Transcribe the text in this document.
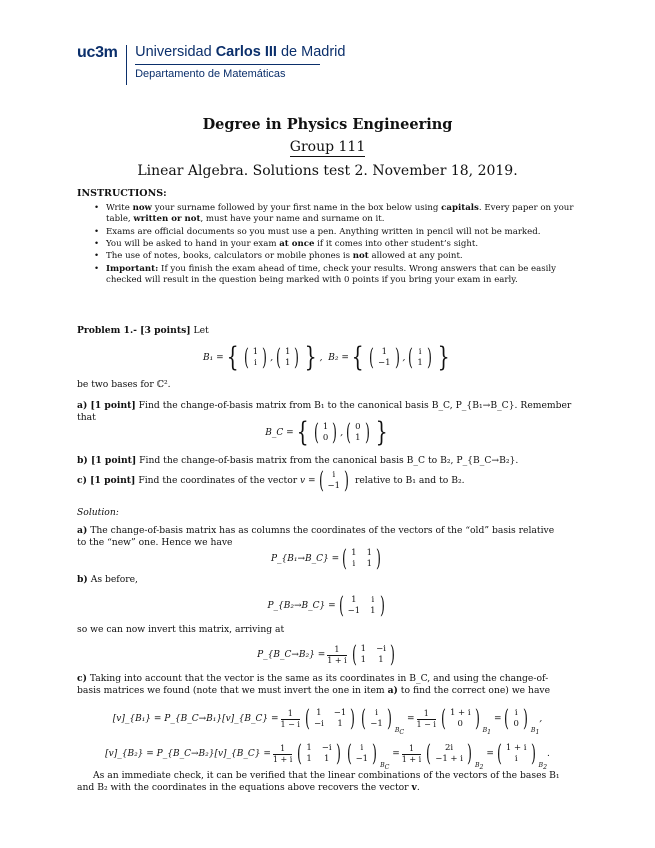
uc3m Universidad Carlos III de Madrid
Departamento de Matemáticas
Degree in Physics Engineering
Group 111
Linear Algebra. Solutions test 2. November 18, 2019.
INSTRUCTIONS:
• Write now your surname followed by your first name in the box below using capitals. Every paper on your table, written or not, must have your name and surname on it.
• Exams are official documents so you must use a pen. Anything written in pencil will not be marked.
• You will be asked to hand in your exam at once if it comes into other student’s sight.
• The use of notes, books, calculators or mobile phones is not allowed at any point.
• Important: If you finish the exam ahead of time, check your results. Wrong answers that can be easily checked will result in the question being marked with 0 points if you bring your exam in early.
Problem 1.- [3 points] Let
B₁ = { ( 1
i ) , ( 1
1 ) } , B₂ = { ( 1
−1 ) , ( i
1 ) }
be two bases for ℂ².
a) [1 point] Find the change-of-basis matrix from B₁ to the canonical basis B_C, P_{B₁→B_C}. Remember that
B_C = { ( 1
0 ) , ( 0
1 ) }
b) [1 point] Find the change-of-basis matrix from the canonical basis B_C to B₂, P_{B_C→B₂}.
c) [1 point] Find the coordinates of the vector v = (	i
−1 ) relative to B₁ and to B₂.
Solution:
a) The change-of-basis matrix has as columns the coordinates of the vectors of the “old” basis relative to the “new” one. Hence we have
P_{B₁→B_C} = ( 1 1
i 1 )
b) As before,
P_{B₂→B_C} = ( 1	i
−1 1 )
so we can now invert this matrix, arriving at
P_{B_C→B₂} = $\frac{1}{1 + i}$ ( 1 −i
1 1 )
c) Taking into account that the vector is the same as its coordinates in B_C, and using the change-of-basis matrices we found (note that we must invert the one in item a) to find the correct one) we have
[v]_{B₁} = P_{B_C→B₁}[v]_{B_C} = $\frac{1}{1 - i}$ ( 1 −1
−i	1 ) (	i
−1 ) $_{B_C}$
= $\frac{1}{1 - i}$ ( 1 + i
0 ) $_{B_1}$
= ( i
0 ) $_{B_1}$
,
[v]_{B₂} = P_{B_C→B₂}[v]_{B_C} = $\frac{1}{1 + i}$ ( 1 −i
1 1 ) (	i
−1 ) $_{B_C}$
= $\frac{1}{1 + i}$ (	2i
−1 + i ) $_{B_2}$
= ( 1 + i
i ) $_{B_2}$
.
As an immediate check, it can be verified that the linear combinations of the vectors of the bases B₁ and B₂ with the coordinates in the equations above recovers the vector v.
